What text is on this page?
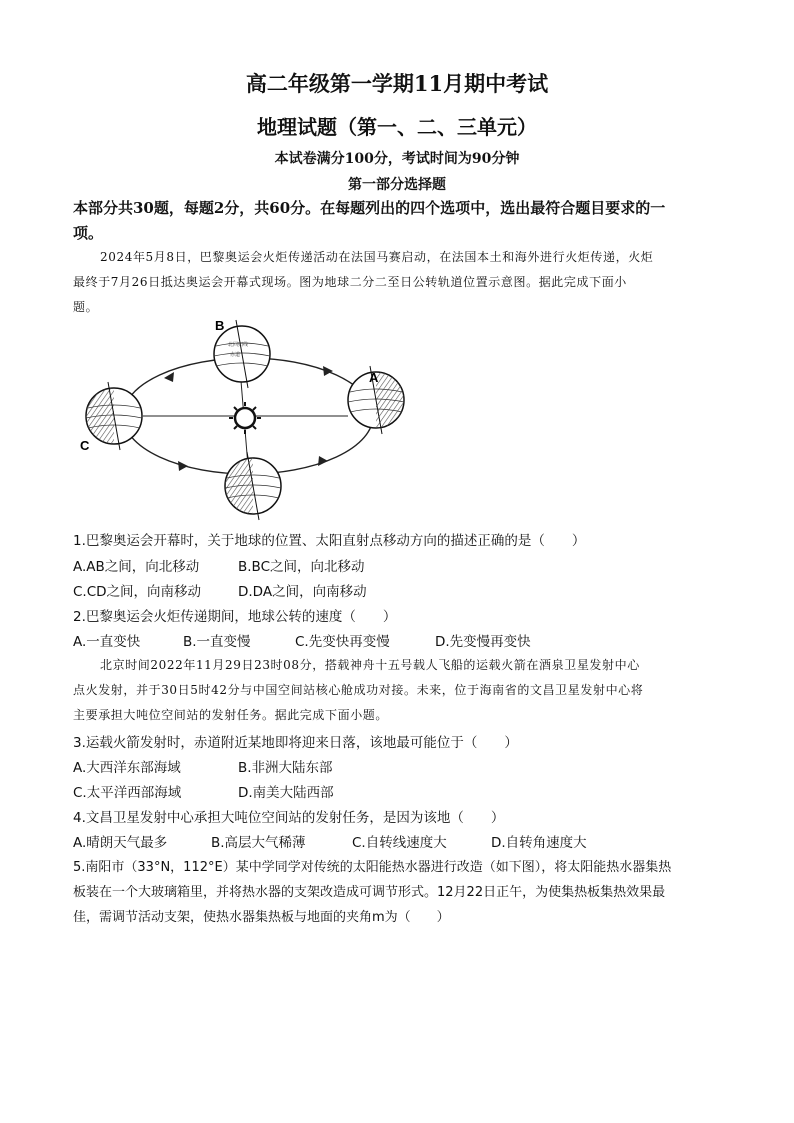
高二年级第一学期11月期中考试
地理试题（第一、二、三单元）
本试卷满分100分，考试时间为90分钟
第一部分选择题
本部分共30题，每题2分，共60分。在每题列出的四个选项中，选出最符合题目要求的一
项。
2024年5月8日，巴黎奥运会火炬传递活动在法国马赛启动，在法国本土和海外进行火炬传递，火炬
最终于7月26日抵达奥运会开幕式现场。图为地球二分二至日公转轨道位置示意图。据此完成下面小
题。
北回归线
赤道
A
B
C
1.巴黎奥运会开幕时，关于地球的位置、太阳直射点移动方向的描述正确的是（　　）
A.AB之间，向北移动	B.BC之间，向北移动
C.CD之间，向南移动	D.DA之间，向南移动
2.巴黎奥运会火炬传递期间，地球公转的速度（　　）
A.一直变快	B.一直变慢	C.先变快再变慢	D.先变慢再变快
北京时间2022年11月29日23时08分，搭载神舟十五号载人飞船的运载火箭在酒泉卫星发射中心
点火发射，并于30日5时42分与中国空间站核心舱成功对接。未来，位于海南省的文昌卫星发射中心将
主要承担大吨位空间站的发射任务。据此完成下面小题。
3.运载火箭发射时，赤道附近某地即将迎来日落，该地最可能位于（　　）
A.大西洋东部海域	B.非洲大陆东部
C.太平洋西部海域	D.南美大陆西部
4.文昌卫星发射中心承担大吨位空间站的发射任务，是因为该地（　　）
A.晴朗天气最多	B.高层大气稀薄	C.自转线速度大	D.自转角速度大
5.南阳市（33°N，112°E）某中学同学对传统的太阳能热水器进行改造（如下图），将太阳能热水器集热
板装在一个大玻璃箱里，并将热水器的支架改造成可调节形式。12月22日正午，为使集热板集热效果最
佳，需调节活动支架，使热水器集热板与地面的夹角m为（　　）
